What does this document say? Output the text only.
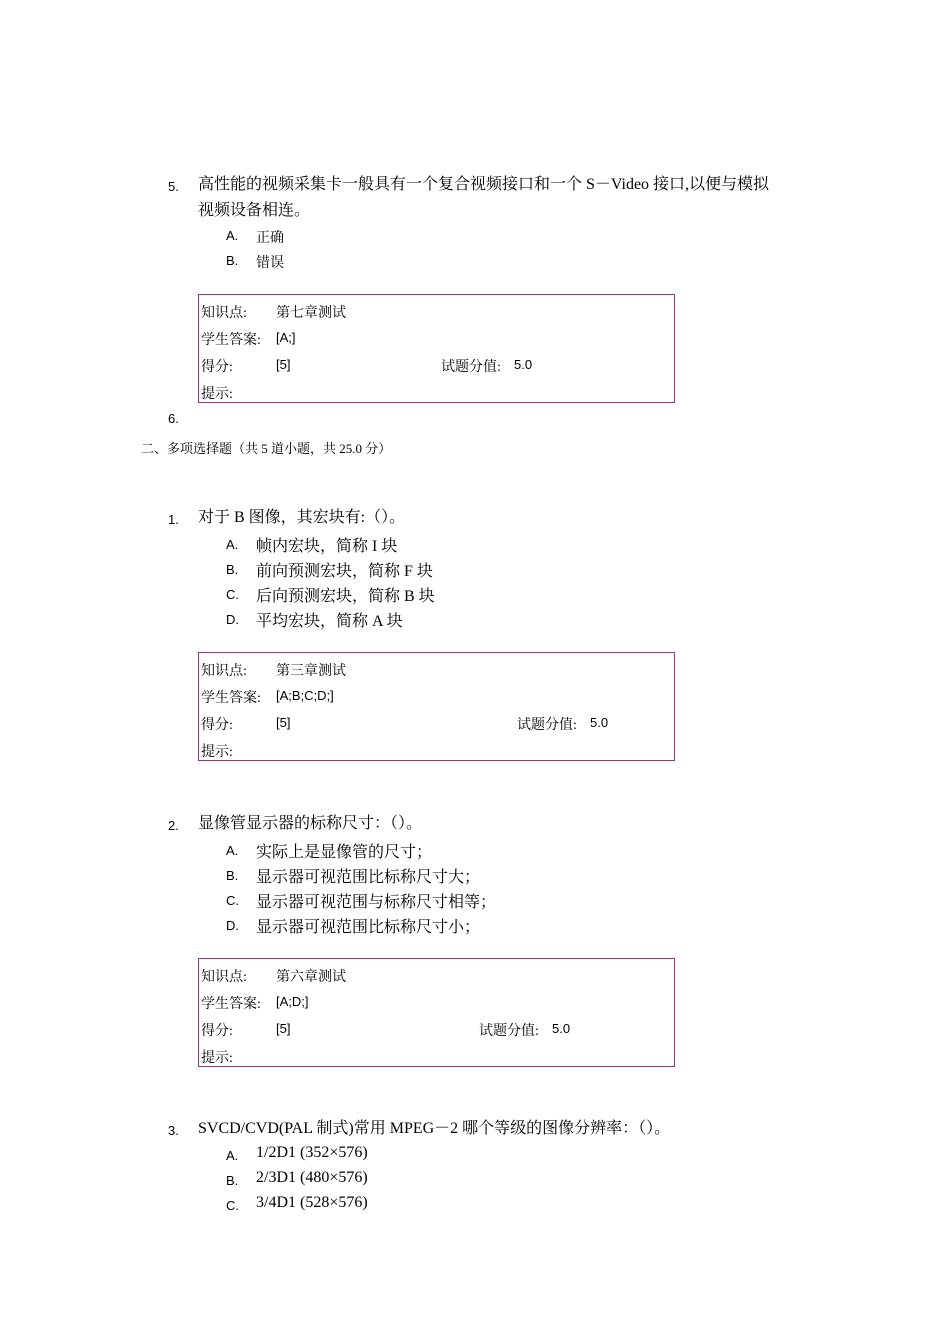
5. 高性能的视频采集卡一般具有一个复合视频接口和一个 S－Video 接口,以便与模拟
视频设备相连。
A. 正确
B. 错误
知识点: 第七章测试
学生答案: [A;]
得分:	[5]	试题分值: 5.0
提示:
6.
二、多项选择题（共 5 道小题，共 25.0 分）
1. 对于 B 图像，其宏块有:（）。
A. 帧内宏块，简称 I 块
B. 前向预测宏块，简称 F 块
C. 后向预测宏块，简称 B 块
D. 平均宏块，简称 A 块
知识点: 第三章测试
学生答案: [A;B;C;D;]
得分:	[5]	试题分值: 5.0
提示:
2. 显像管显示器的标称尺寸：（）。
A. 实际上是显像管的尺寸；
B. 显示器可视范围比标称尺寸大；
C. 显示器可视范围与标称尺寸相等；
D. 显示器可视范围比标称尺寸小；
知识点: 第六章测试
学生答案: [A;D;]
得分:	[5]	试题分值: 5.0
提示:
3. SVCD/CVD(PAL 制式)常用 MPEG－2 哪个等级的图像分辨率：（）。
A. 1/2D1 (352×576)
B. 2/3D1 (480×576)
C. 3/4D1 (528×576)
